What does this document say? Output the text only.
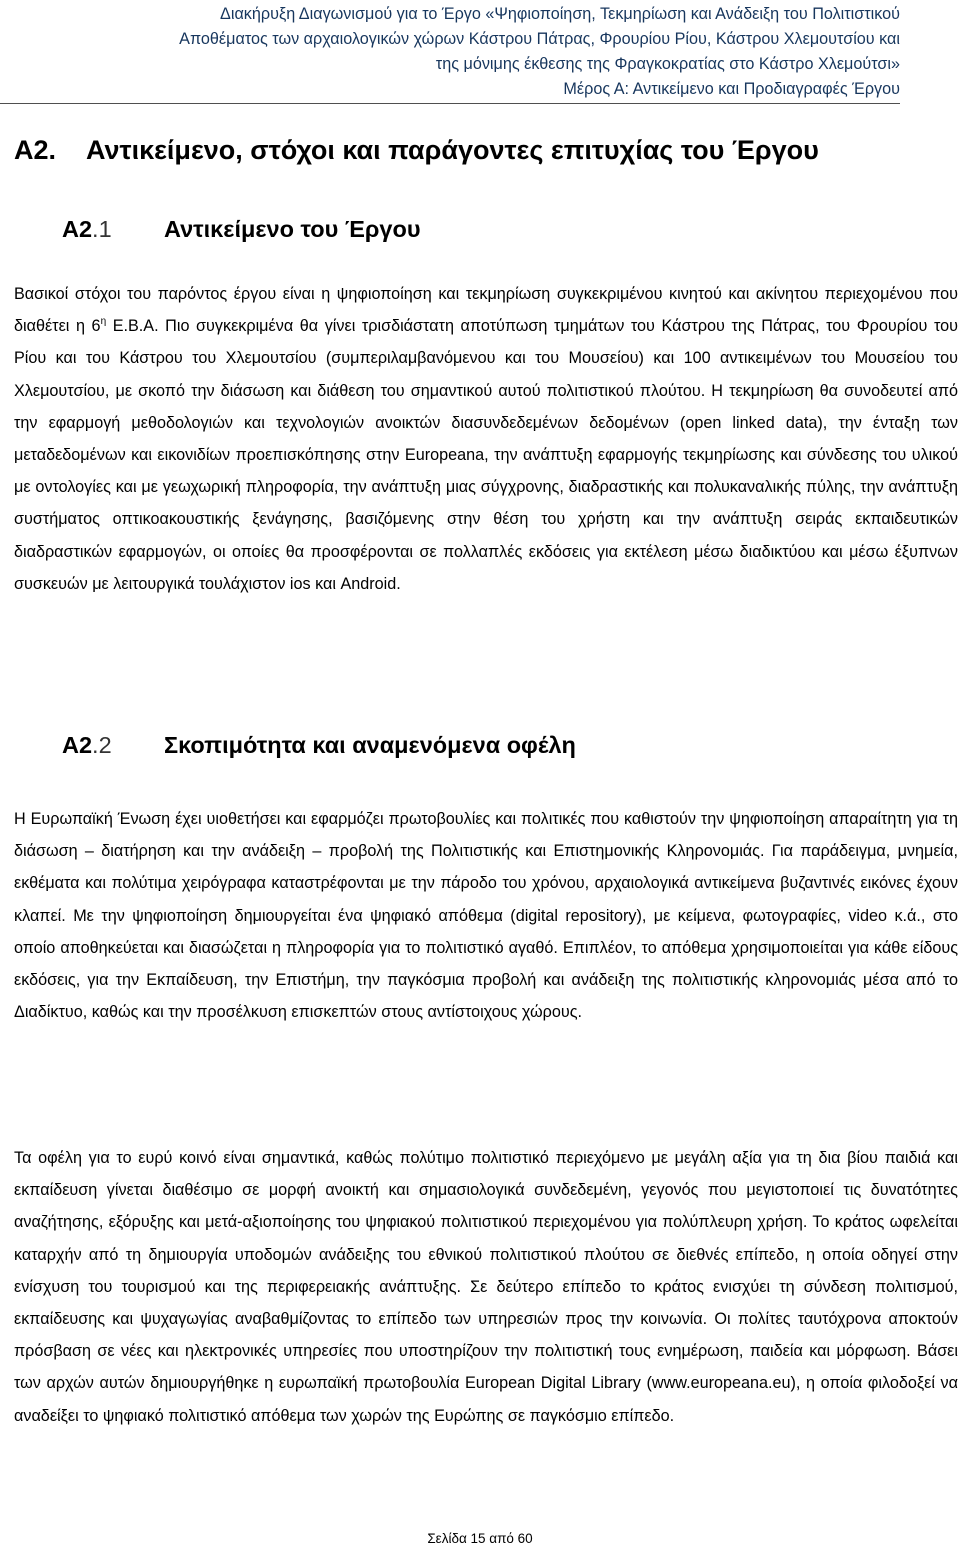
Διακήρυξη Διαγωνισμού για το Έργο «Ψηφιοποίηση, Τεκμηρίωση και Ανάδειξη του Πολιτιστικού
Αποθέματος των αρχαιολογικών χώρων Κάστρου Πάτρας, Φρουρίου Ρίου, Κάστρου Χλεμουτσίου και
της μόνιμης έκθεσης της Φραγκοκρατίας στο Κάστρο Χλεμούτσι»
Μέρος Α: Αντικείμενο και Προδιαγραφές Έργου
Α2. Αντικείμενο, στόχοι και παράγοντες επιτυχίας του Έργου
Α2.1 Αντικείμενο του Έργου
Βασικοί στόχοι του παρόντος έργου είναι η ψηφιοποίηση και τεκμηρίωση συγκεκριμένου κινητού και ακίνητου περιεχομένου που διαθέτει η $6^\eta$ Ε.Β.Α. Πιο συγκεκριμένα θα γίνει τρισδιάστατη αποτύπωση τμημάτων του Κάστρου της Πάτρας, του Φρουρίου του Ρίου και του Κάστρου του Χλεμουτσίου (συμπεριλαμβανόμενου και του Μουσείου) και 100 αντικειμένων του Μουσείου του Χλεμουτσίου, με σκοπό την διάσωση και διάθεση του σημαντικού αυτού πολιτιστικού πλούτου. Η τεκμηρίωση θα συνοδευτεί από την εφαρμογή μεθοδολογιών και τεχνολογιών ανοικτών διασυνδεδεμένων δεδομένων (open linked data), την ένταξη των μεταδεδομένων και εικονιδίων προεπισκόπησης στην Europeana, την ανάπτυξη εφαρμογής τεκμηρίωσης και σύνδεσης του υλικού με οντολογίες και με γεωχωρική πληροφορία, την ανάπτυξη μιας σύγχρονης, διαδραστικής και πολυκαναλικής πύλης, την ανάπτυξη συστήματος οπτικοακουστικής ξενάγησης, βασιζόμενης στην θέση του χρήστη και την ανάπτυξη σειράς εκπαιδευτικών διαδραστικών εφαρμογών, οι οποίες θα προσφέρονται σε πολλαπλές εκδόσεις για εκτέλεση μέσω διαδικτύου και μέσω έξυπνων συσκευών με λειτουργικά τουλάχιστον ios και Android.
Α2.2 Σκοπιμότητα και αναμενόμενα οφέλη
Η Ευρωπαϊκή Ένωση έχει υιοθετήσει και εφαρμόζει πρωτοβουλίες και πολιτικές που καθιστούν την ψηφιοποίηση απαραίτητη για τη διάσωση – διατήρηση και την ανάδειξη – προβολή της Πολιτιστικής και Επιστημονικής Κληρονομιάς. Για παράδειγμα, μνημεία, εκθέματα και πολύτιμα χειρόγραφα καταστρέφονται με την πάροδο του χρόνου, αρχαιολογικά αντικείμενα βυζαντινές εικόνες έχουν κλαπεί. Με την ψηφιοποίηση δημιουργείται ένα ψηφιακό απόθεμα (digital repository), με κείμενα, φωτογραφίες, video κ.ά., στο οποίο αποθηκεύεται και διασώζεται η πληροφορία για το πολιτιστικό αγαθό. Επιπλέον, το απόθεμα χρησιμοποιείται για κάθε είδους εκδόσεις, για την Εκπαίδευση, την Επιστήμη, την παγκόσμια προβολή και ανάδειξη της πολιτιστικής κληρονομιάς μέσα από το Διαδίκτυο, καθώς και την προσέλκυση επισκεπτών στους αντίστοιχους χώρους.
Τα οφέλη για το ευρύ κοινό είναι σημαντικά, καθώς πολύτιμο πολιτιστικό περιεχόμενο με μεγάλη αξία για τη δια βίου παιδιά και εκπαίδευση γίνεται διαθέσιμο σε μορφή ανοικτή και σημασιολογικά συνδεδεμένη, γεγονός που μεγιστοποιεί τις δυνατότητες αναζήτησης, εξόρυξης και μετά-αξιοποίησης του ψηφιακού πολιτιστικού περιεχομένου για πολύπλευρη χρήση. Το κράτος ωφελείται καταρχήν από τη δημιουργία υποδομών ανάδειξης του εθνικού πολιτιστικού πλούτου σε διεθνές επίπεδο, η οποία οδηγεί στην ενίσχυση του τουρισμού και της περιφερειακής ανάπτυξης. Σε δεύτερο επίπεδο το κράτος ενισχύει τη σύνδεση πολιτισμού, εκπαίδευσης και ψυχαγωγίας αναβαθμίζοντας το επίπεδο των υπηρεσιών προς την κοινωνία. Οι πολίτες ταυτόχρονα αποκτούν πρόσβαση σε νέες και ηλεκτρονικές υπηρεσίες που υποστηρίζουν την πολιτιστική τους ενημέρωση, παιδεία και μόρφωση. Βάσει των αρχών αυτών δημιουργήθηκε η ευρωπαϊκή πρωτοβουλία European Digital Library (www.europeana.eu), η οποία φιλοδοξεί να αναδείξει το ψηφιακό πολιτιστικό απόθεμα των χωρών της Ευρώπης σε παγκόσμιο επίπεδο.
Σελίδα 15 από 60
